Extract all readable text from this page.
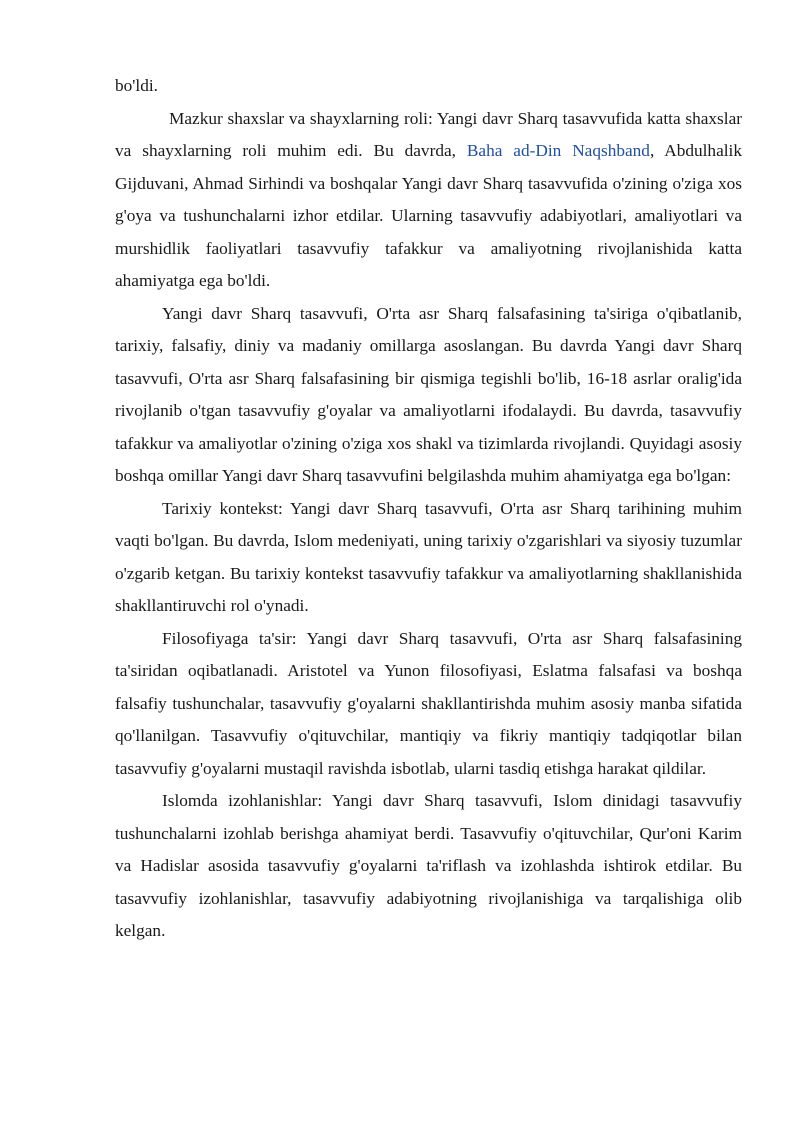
bo'ldi.

Mazkur shaxslar va shayxlarning roli: Yangi davr Sharq tasavvufida katta shaxslar va shayxlarning roli muhim edi. Bu davrda, Baha ad-Din Naqshband, Abdulhalik Gijduvani, Ahmad Sirhindi va boshqalar Yangi davr Sharq tasavvufida o'zining o'ziga xos g'oya va tushunchalarni izhor etdilar. Ularning tasavvufiy adabiyotlari, amaliyotlari va murshidlik faoliyatlari tasavvufiy tafakkur va amaliyotning rivojlanishida katta ahamiyatga ega bo'ldi.

Yangi davr Sharq tasavvufi, O'rta asr Sharq falsafasining ta'siriga o'qibatlanib, tarixiy, falsafiy, diniy va madaniy omillarga asoslangan. Bu davrda Yangi davr Sharq tasavvufi, O'rta asr Sharq falsafasining bir qismiga tegishli bo'lib, 16-18 asrlar oralig'ida rivojlanib o'tgan tasavvufiy g'oyalar va amaliyotlarni ifodalaydi. Bu davrda, tasavvufiy tafakkur va amaliyotlar o'zining o'ziga xos shakl va tizimlarda rivojlandi. Quyidagi asosiy boshqa omillar Yangi davr Sharq tasavvufini belgilashda muhim ahamiyatga ega bo'lgan:

Tarixiy kontekst: Yangi davr Sharq tasavvufi, O'rta asr Sharq tarihining muhim vaqti bo'lgan. Bu davrda, Islom medeniyati, uning tarixiy o'zgarishlari va siyosiy tuzumlar o'zgarib ketgan. Bu tarixiy kontekst tasavvufiy tafakkur va amaliyotlarning shakllanishida shakllantiruvchi rol o'ynadi.

Filosofiyaga ta'sir: Yangi davr Sharq tasavvufi, O'rta asr Sharq falsafasining ta'siridan oqibatlanadi. Aristotel va Yunon filosofiyasi, Eslatma falsafasi va boshqa falsafiy tushunchalar, tasavvufiy g'oyalarni shakllantirishda muhim asosiy manba sifatida qo'llanilgan. Tasavvufiy o'qituvchilar, mantiqiy va fikriy mantiqiy tadqiqotlar bilan tasavvufiy g'oyalarni mustaqil ravishda isbotlab, ularni tasdiq etishga harakat qildilar.

Islomda izohlanishlar: Yangi davr Sharq tasavvufi, Islom dinidagi tasavvufiy tushunchalarni izohlab berishga ahamiyat berdi. Tasavvufiy o'qituvchilar, Qur'oni Karim va Hadislar asosida tasavvufiy g'oyalarni ta'riflash va izohlashda ishtirok etdilar. Bu tasavvufiy izohlanishlar, tasavvufiy adabiyotning rivojlanishiga va tarqalishiga olib kelgan.
